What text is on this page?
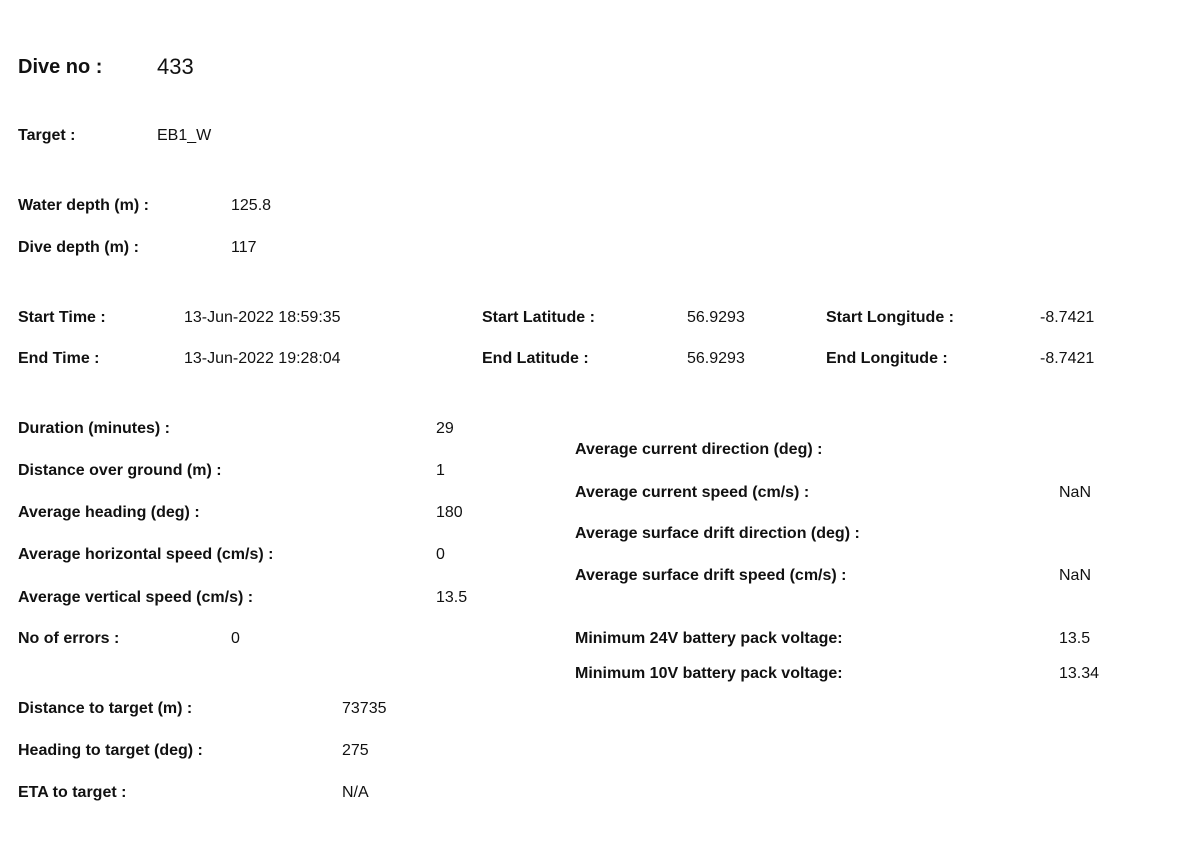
Dive no : 433
Target :	EB1_W
Water depth (m) :	125.8
Dive depth (m) :	117
Start Time :	13-Jun-2022 18:59:35	Start Latitude :	56.9293	Start Longitude :	-8.7421
End Time :	13-Jun-2022 19:28:04	End Latitude :	56.9293	End Longitude :	-8.7421
Duration (minutes) :	29
Distance over ground (m) :	1
Average heading (deg) :	180
Average horizontal speed (cm/s) :	0
Average vertical speed (cm/s) :	13.5
No of errors :	0
Average current direction (deg) :
Average current speed (cm/s) :	NaN
Average surface drift direction (deg) :
Average surface drift speed (cm/s) :	NaN
Minimum 24V battery pack voltage:	13.5
Minimum 10V battery pack voltage:	13.34
Distance to target (m) :	73735
Heading to target (deg) :	275
ETA to target :	N/A
